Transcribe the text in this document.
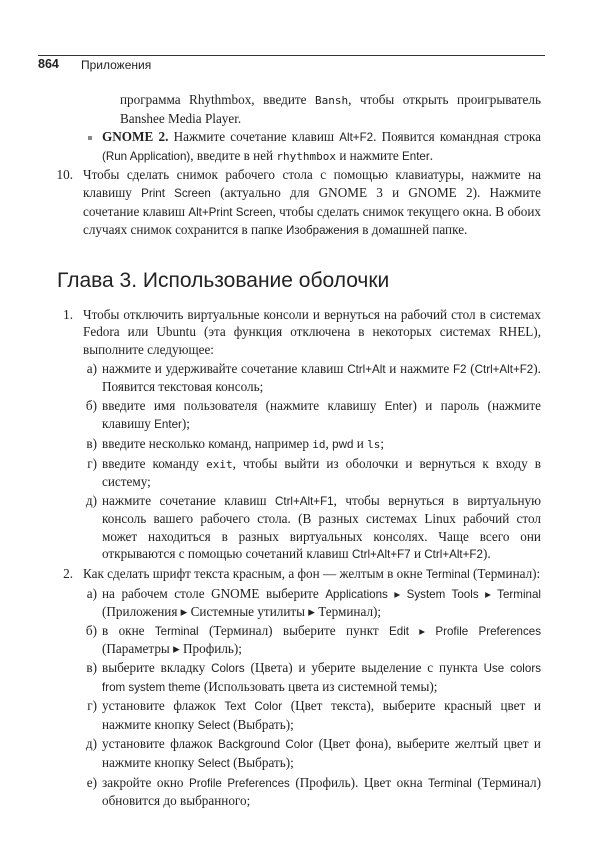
864 Приложения
программа Rhythmbox, введите Bansh, чтобы открыть проигрыватель Banshee Media Player.
GNOME 2. Нажмите сочетание клавиш Alt+F2. Появится командная строка (Run Application), введите в ней rhythmbox и нажмите Enter.
10. Чтобы сделать снимок рабочего стола с помощью клавиатуры, нажмите на клавишу Print Screen (актуально для GNOME 3 и GNOME 2). Нажмите сочетание клавиш Alt+Print Screen, чтобы сделать снимок текущего окна. В обоих случаях снимок сохранится в папке Изображения в домашней папке.
Глава 3. Использование оболочки
1. Чтобы отключить виртуальные консоли и вернуться на рабочий стол в системах Fedora или Ubuntu (эта функция отключена в некоторых системах RHEL), выполните следующее:
а) нажмите и удерживайте сочетание клавиш Ctrl+Alt и нажмите F2 (Ctrl+Alt+F2). Появится текстовая консоль;
б) введите имя пользователя (нажмите клавишу Enter) и пароль (нажмите клавишу Enter);
в) введите несколько команд, например id, pwd и ls;
г) введите команду exit, чтобы выйти из оболочки и вернуться к входу в систему;
д) нажмите сочетание клавиш Ctrl+Alt+F1, чтобы вернуться в виртуальную консоль вашего рабочего стола. (В разных системах Linux рабочий стол может находиться в разных виртуальных консолях. Чаще всего они открываются с помощью сочетаний клавиш Ctrl+Alt+F7 и Ctrl+Alt+F2).
2. Как сделать шрифт текста красным, а фон — желтым в окне Terminal (Терминал):
а) на рабочем столе GNOME выберите Applications ▸ System Tools ▸ Terminal (Приложения ▸ Системные утилиты ▸ Терминал);
б) в окне Terminal (Терминал) выберите пункт Edit ▸ Profile Preferences (Параметры ▸ Профиль);
в) выберите вкладку Colors (Цвета) и уберите выделение с пункта Use colors from system theme (Использовать цвета из системной темы);
г) установите флажок Text Color (Цвет текста), выберите красный цвет и нажмите кнопку Select (Выбрать);
д) установите флажок Background Color (Цвет фона), выберите желтый цвет и нажмите кнопку Select (Выбрать);
е) закройте окно Profile Preferences (Профиль). Цвет окна Terminal (Терминал) обновится до выбранного;
